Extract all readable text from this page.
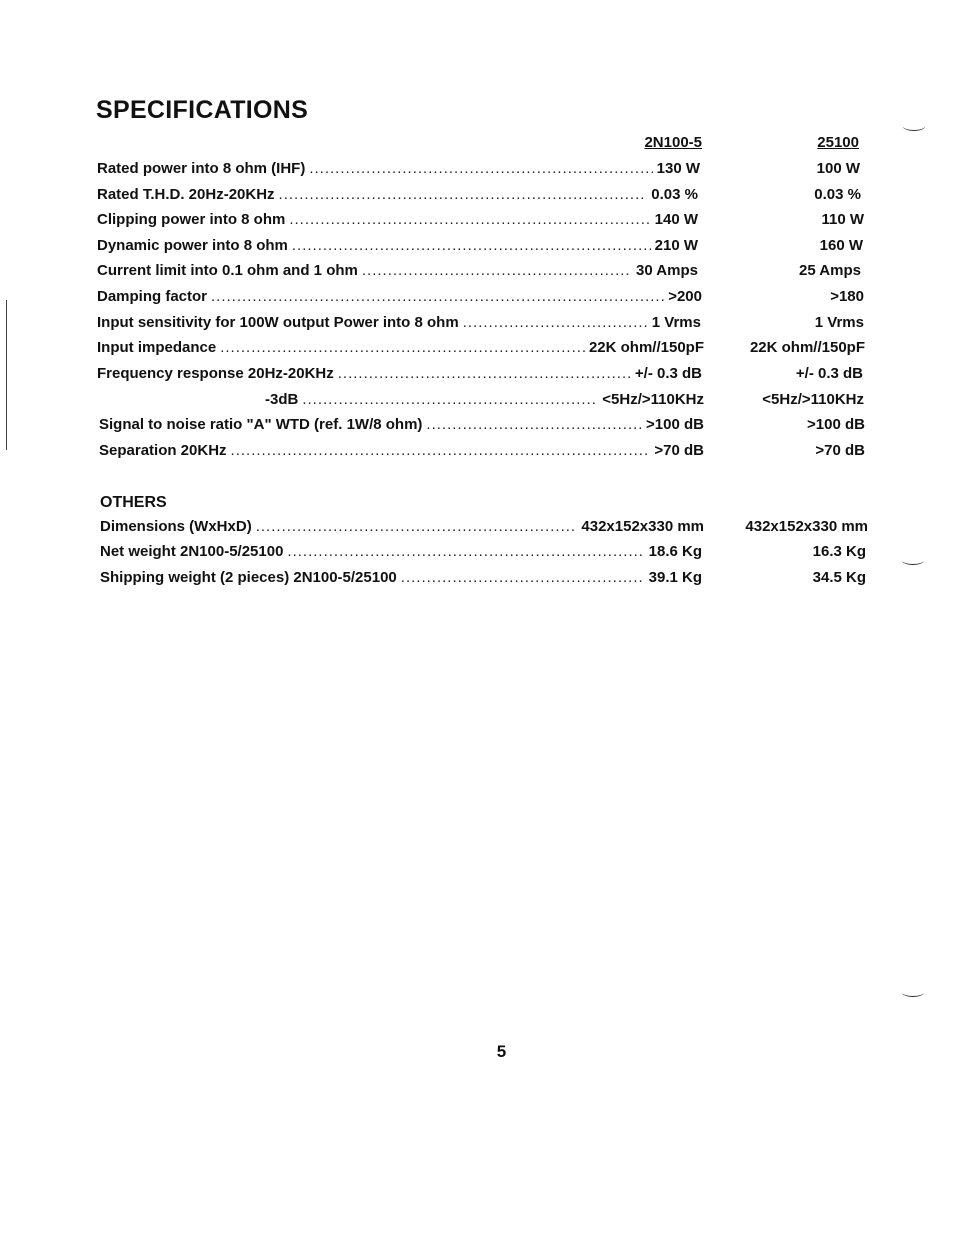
SPECIFICATIONS
2N100-5	25100
Rated power into 8 ohm (IHF) .....	130 W	100 W
Rated T.H.D. 20Hz-20KHz .....	0.03 %	0.03 %
Clipping power into 8 ohm .....	140 W	110 W
Dynamic power into 8 ohm .....	210 W	160 W
Current limit into 0.1 ohm and 1 ohm .....	30 Amps	25 Amps
Damping factor .....	>200	>180
Input sensitivity for 100W output Power into 8 ohm .....	1 Vrms	1 Vrms
Input impedance .....	22K ohm//150pF	22K ohm//150pF
Frequency response 20Hz-20KHz .....	+/- 0.3 dB	+/- 0.3 dB
-3dB .....	<5Hz/>110KHz	<5Hz/>110KHz
Signal to noise ratio "A" WTD (ref. 1W/8 ohm) .....	>100 dB	>100 dB
Separation 20KHz .....	>70 dB	>70 dB
OTHERS
Dimensions (WxHxD) .....	432x152x330 mm	432x152x330 mm
Net weight 2N100-5/25100 .....	18.6 Kg	16.3 Kg
Shipping weight (2 pieces) 2N100-5/25100 .....	39.1 Kg	34.5 Kg
5
